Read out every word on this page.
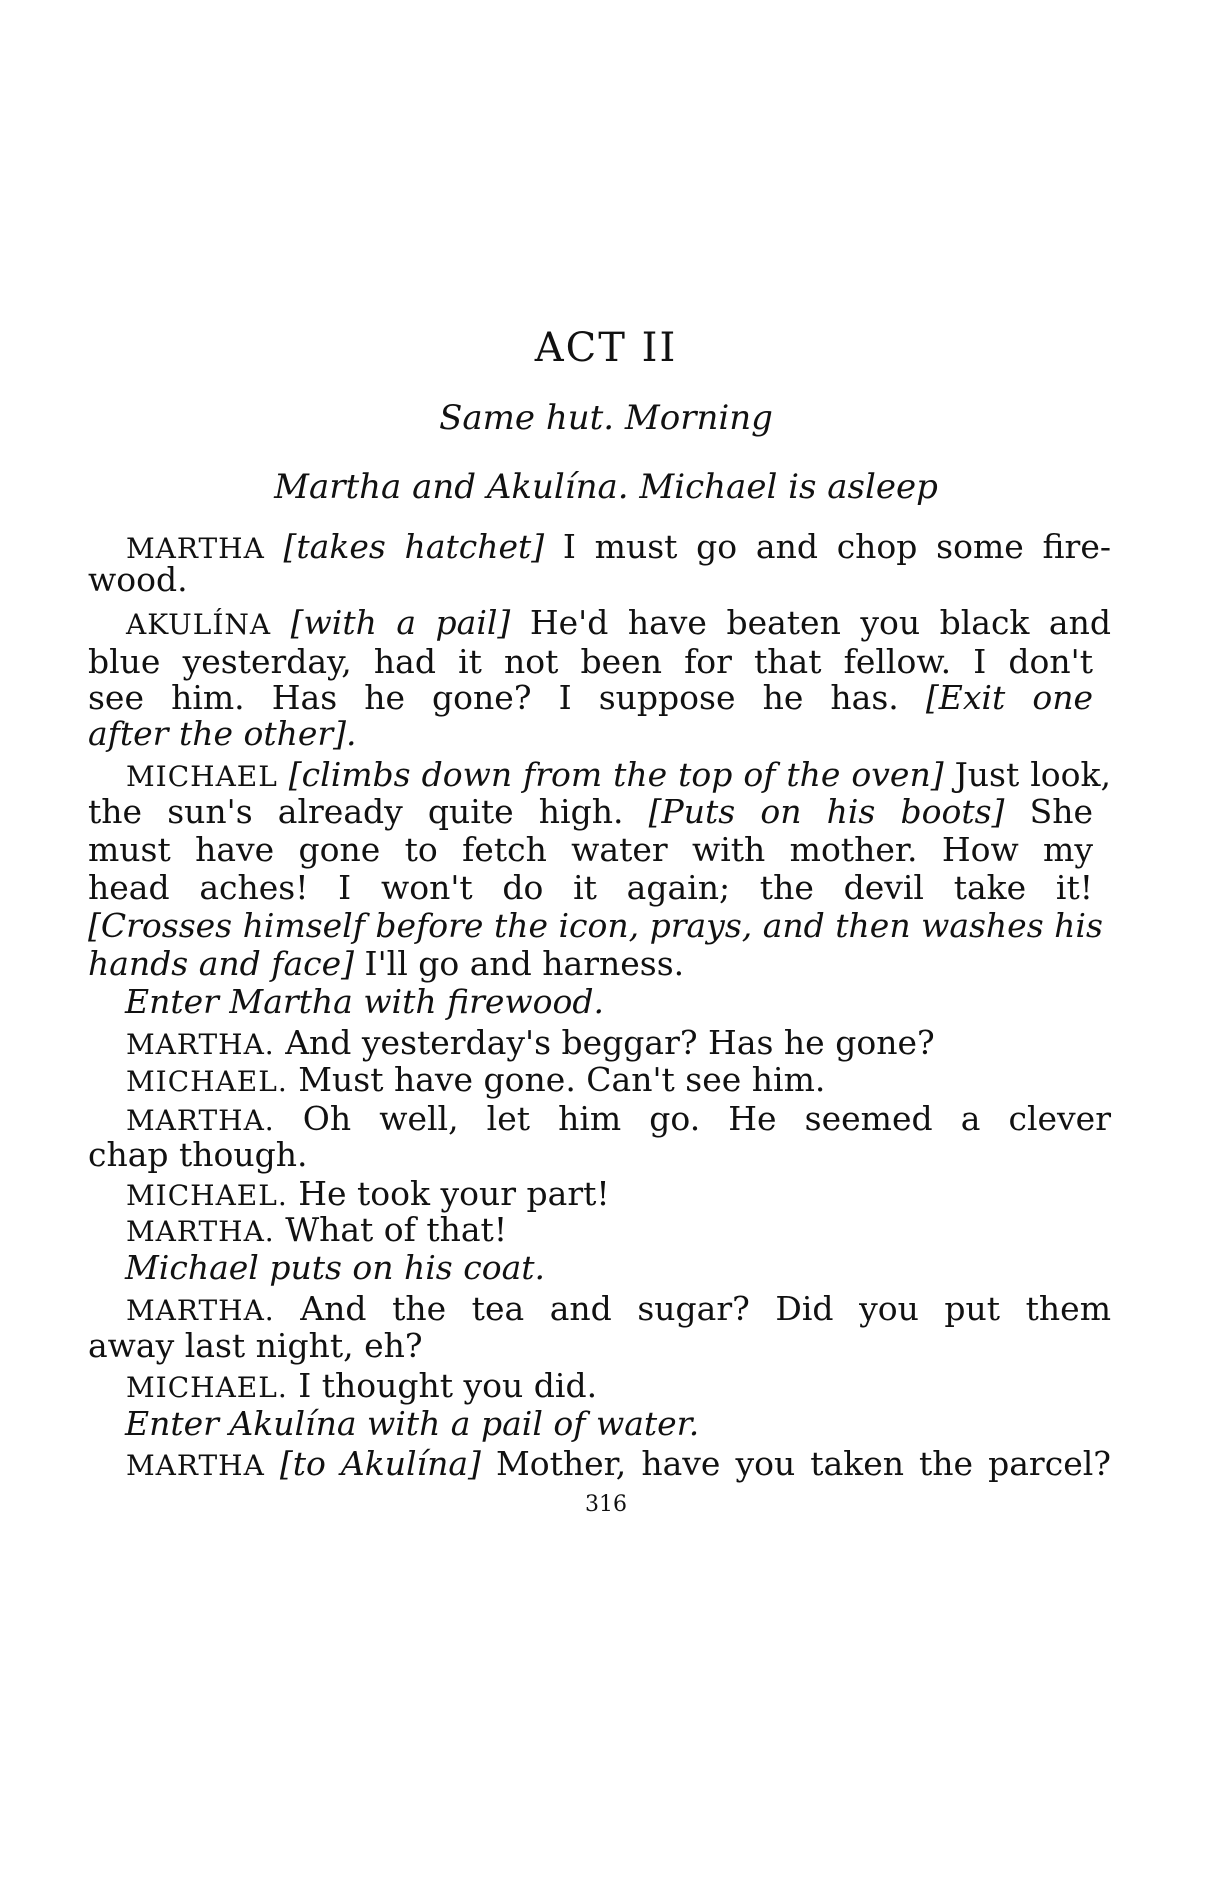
ACT II
Same hut. Morning
Martha and Akulína. Michael is asleep
MARTHA [takes hatchet] I must go and chop some fire-
wood.
AKULÍNA [with a pail] He'd have beaten you black and
blue yesterday, had it not been for that fellow. I don't
see him. Has he gone? I suppose he has. [Exit one
after the other].
MICHAEL [climbs down from the top of the oven] Just look,
the sun's already quite high. [Puts on his boots] She
must have gone to fetch water with mother. How my
head aches! I won't do it again; the devil take it!
[Crosses himself before the icon, prays, and then washes his
hands and face] I'll go and harness.
Enter Martha with firewood.
MARTHA. And yesterday's beggar? Has he gone?
MICHAEL. Must have gone. Can't see him.
MARTHA. Oh well, let him go. He seemed a clever
chap though.
MICHAEL. He took your part!
MARTHA. What of that!
Michael puts on his coat.
MARTHA. And the tea and sugar? Did you put them
away last night, eh?
MICHAEL. I thought you did.
Enter Akulína with a pail of water.
MARTHA [to Akulína] Mother, have you taken the parcel?
316
